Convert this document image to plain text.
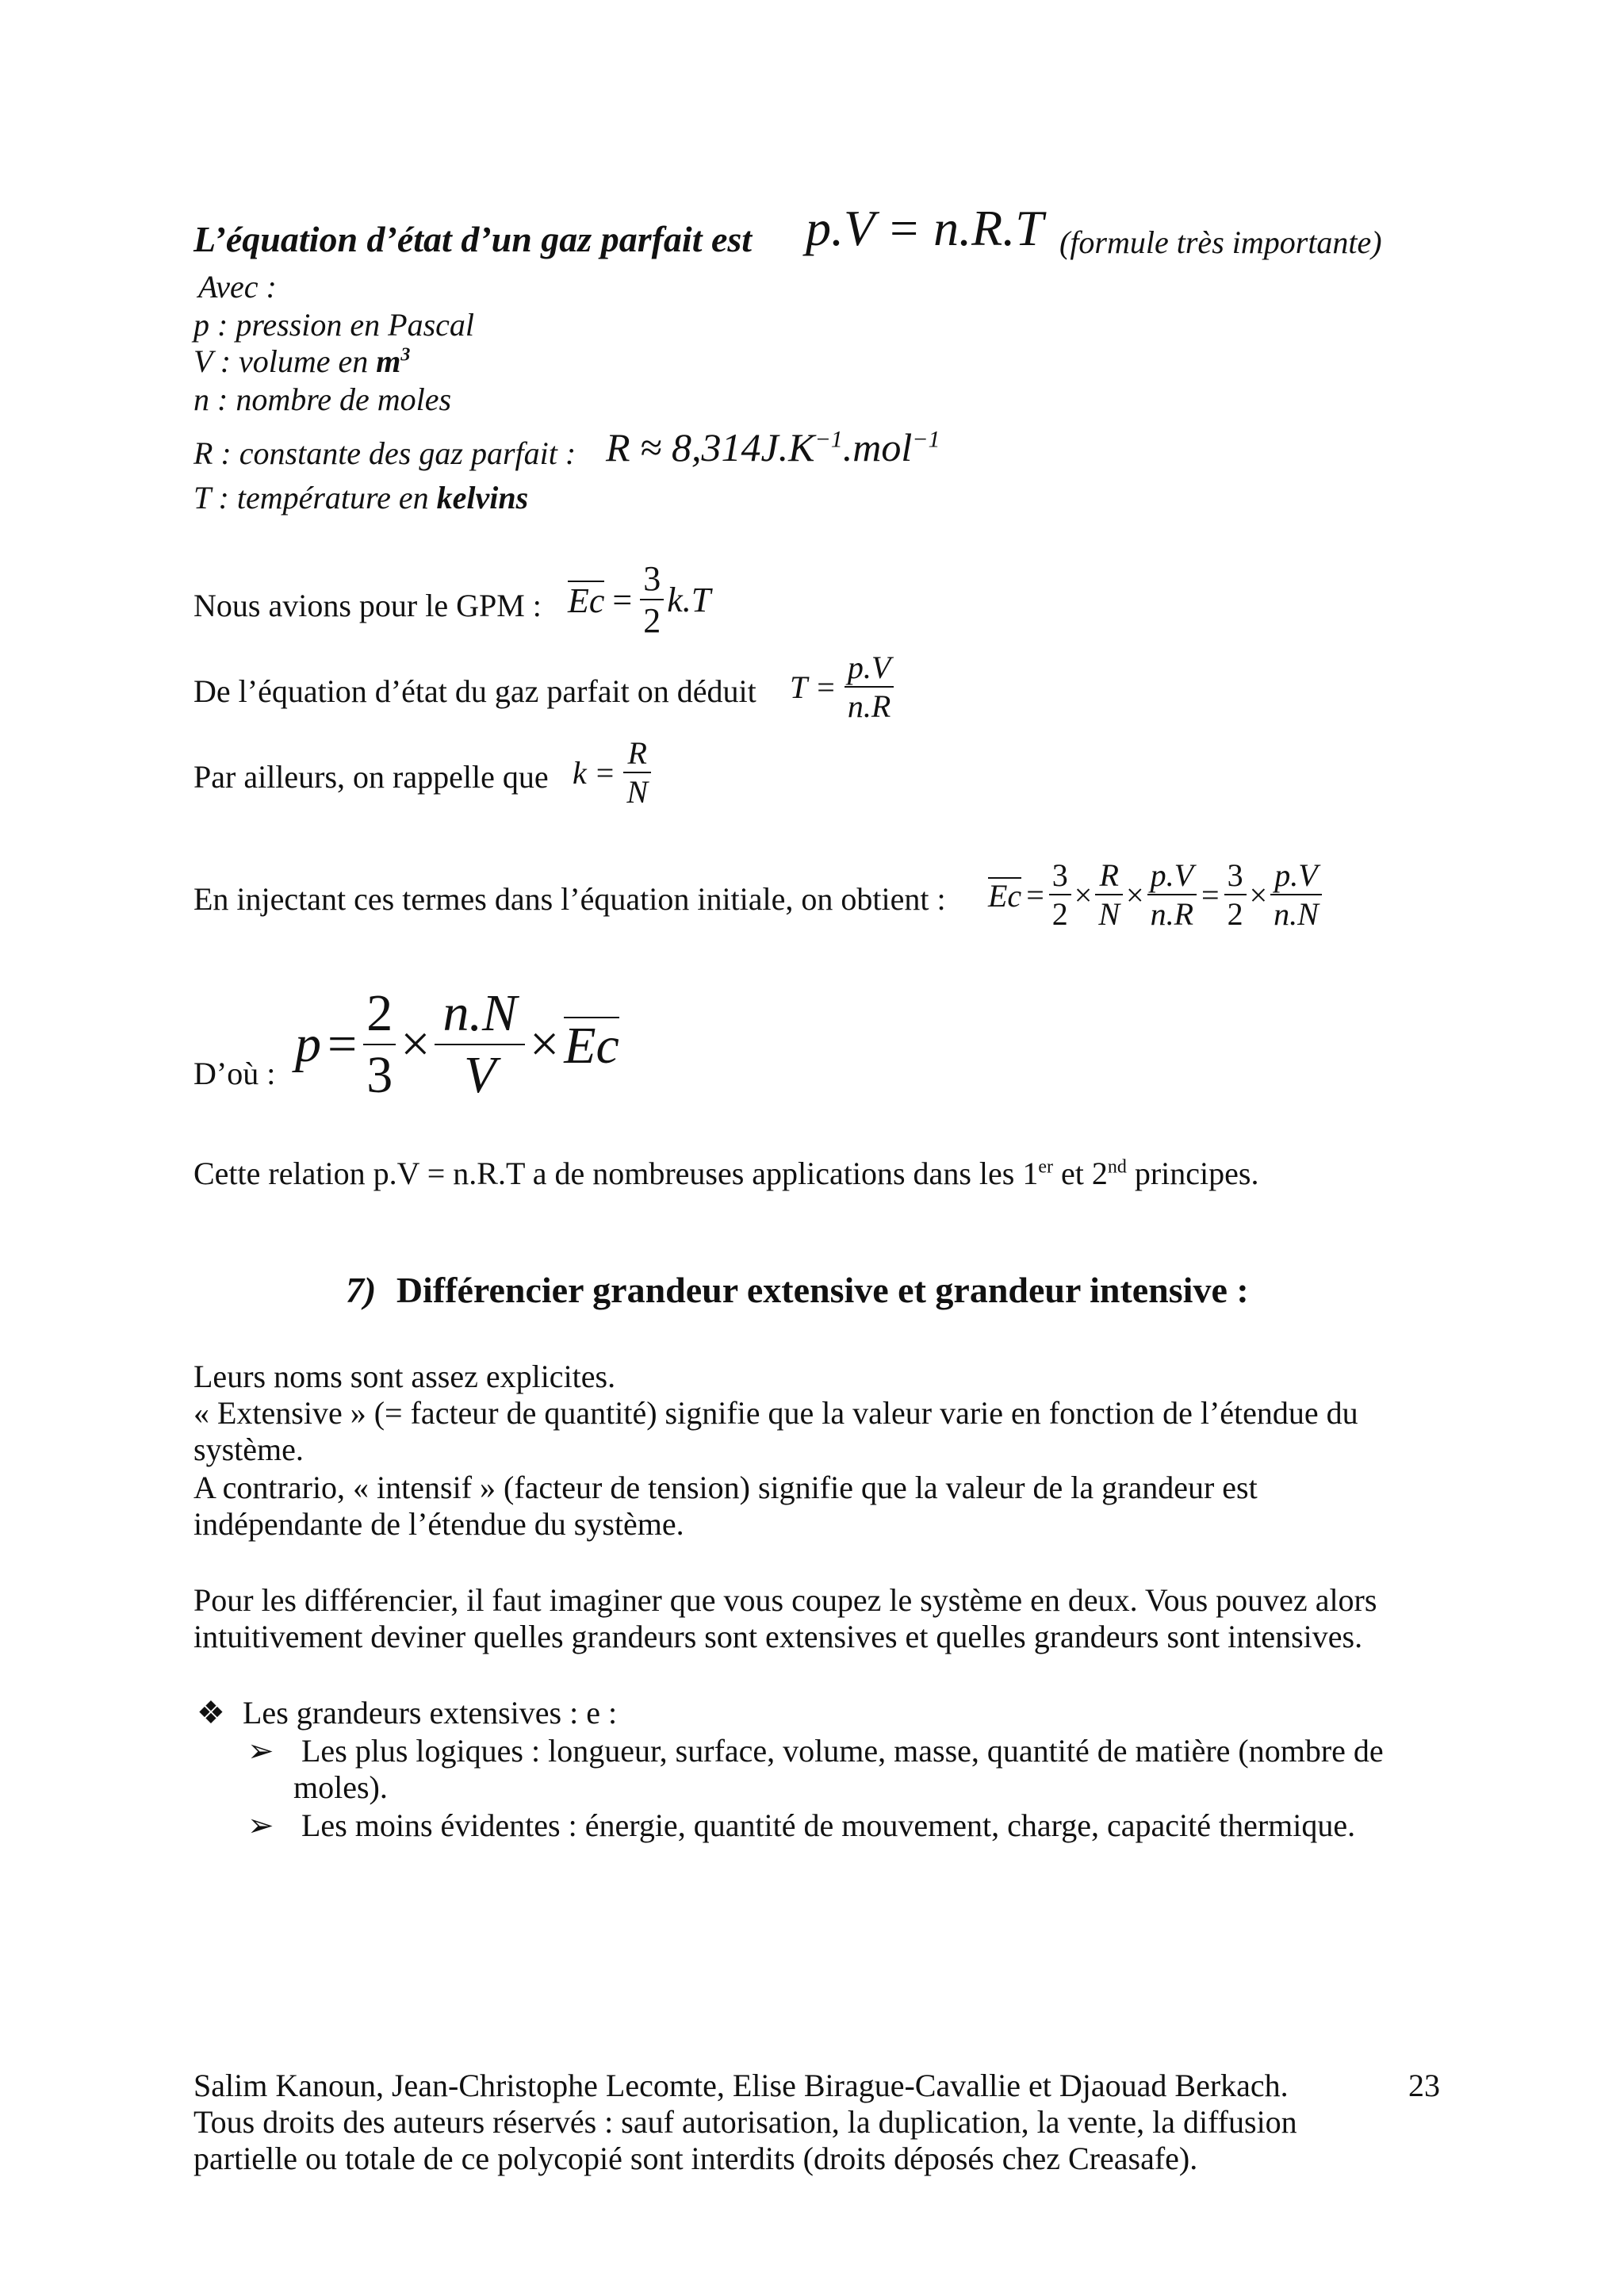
L’équation d’état d’un gaz parfait est p.V = n.R.T (formule très importante)
Avec :
p : pression en Pascal
V : volume en $m^3$
n : nombre de moles
R : constante des gaz parfait : $R \approx 8,314J.K^{-1}.mol^{-1}$
T : température en kelvins
Nous avions pour le GPM : $Ec = \frac{3}{2} k.T$
De l’équation d’état du gaz parfait on déduit $T = \frac{p.V}{n.R}$
Par ailleurs, on rappelle que $k = \frac{R}{N}$
En injectant ces termes dans l’équation initiale, on obtient : $Ec = \frac{3}{2} \times \frac{R}{N} \times \frac{p.V}{n.R} = \frac{3}{2} \times \frac{p.V}{n.N}$
D’où :
$p = \frac{2}{3} \times \frac{n.N}{V} \times Ec$
Cette relation p.V = n.R.T a de nombreuses applications dans les 1er et 2nd principes.
7) Différencier grandeur extensive et grandeur intensive :
Leurs noms sont assez explicites.
« Extensive » (= facteur de quantité) signifie que la valeur varie en fonction de l’étendue du
système.
A contrario, « intensif » (facteur de tension) signifie que la valeur de la grandeur est
indépendante de l’étendue du système.
Pour les différencier, il faut imaginer que vous coupez le système en deux. Vous pouvez alors
intuitivement deviner quelles grandeurs sont extensives et quelles grandeurs sont intensives.
❖ Les grandeurs extensives : e :
➢ Les plus logiques : longueur, surface, volume, masse, quantité de matière (nombre de
moles).
➢ Les moins évidentes : énergie, quantité de mouvement, charge, capacité thermique.
Salim Kanoun, Jean-Christophe Lecomte, Elise Birague-Cavallie et Djaouad Berkach.	23
Tous droits des auteurs réservés : sauf autorisation, la duplication, la vente, la diffusion
partielle ou totale de ce polycopié sont interdits (droits déposés chez Creasafe).
